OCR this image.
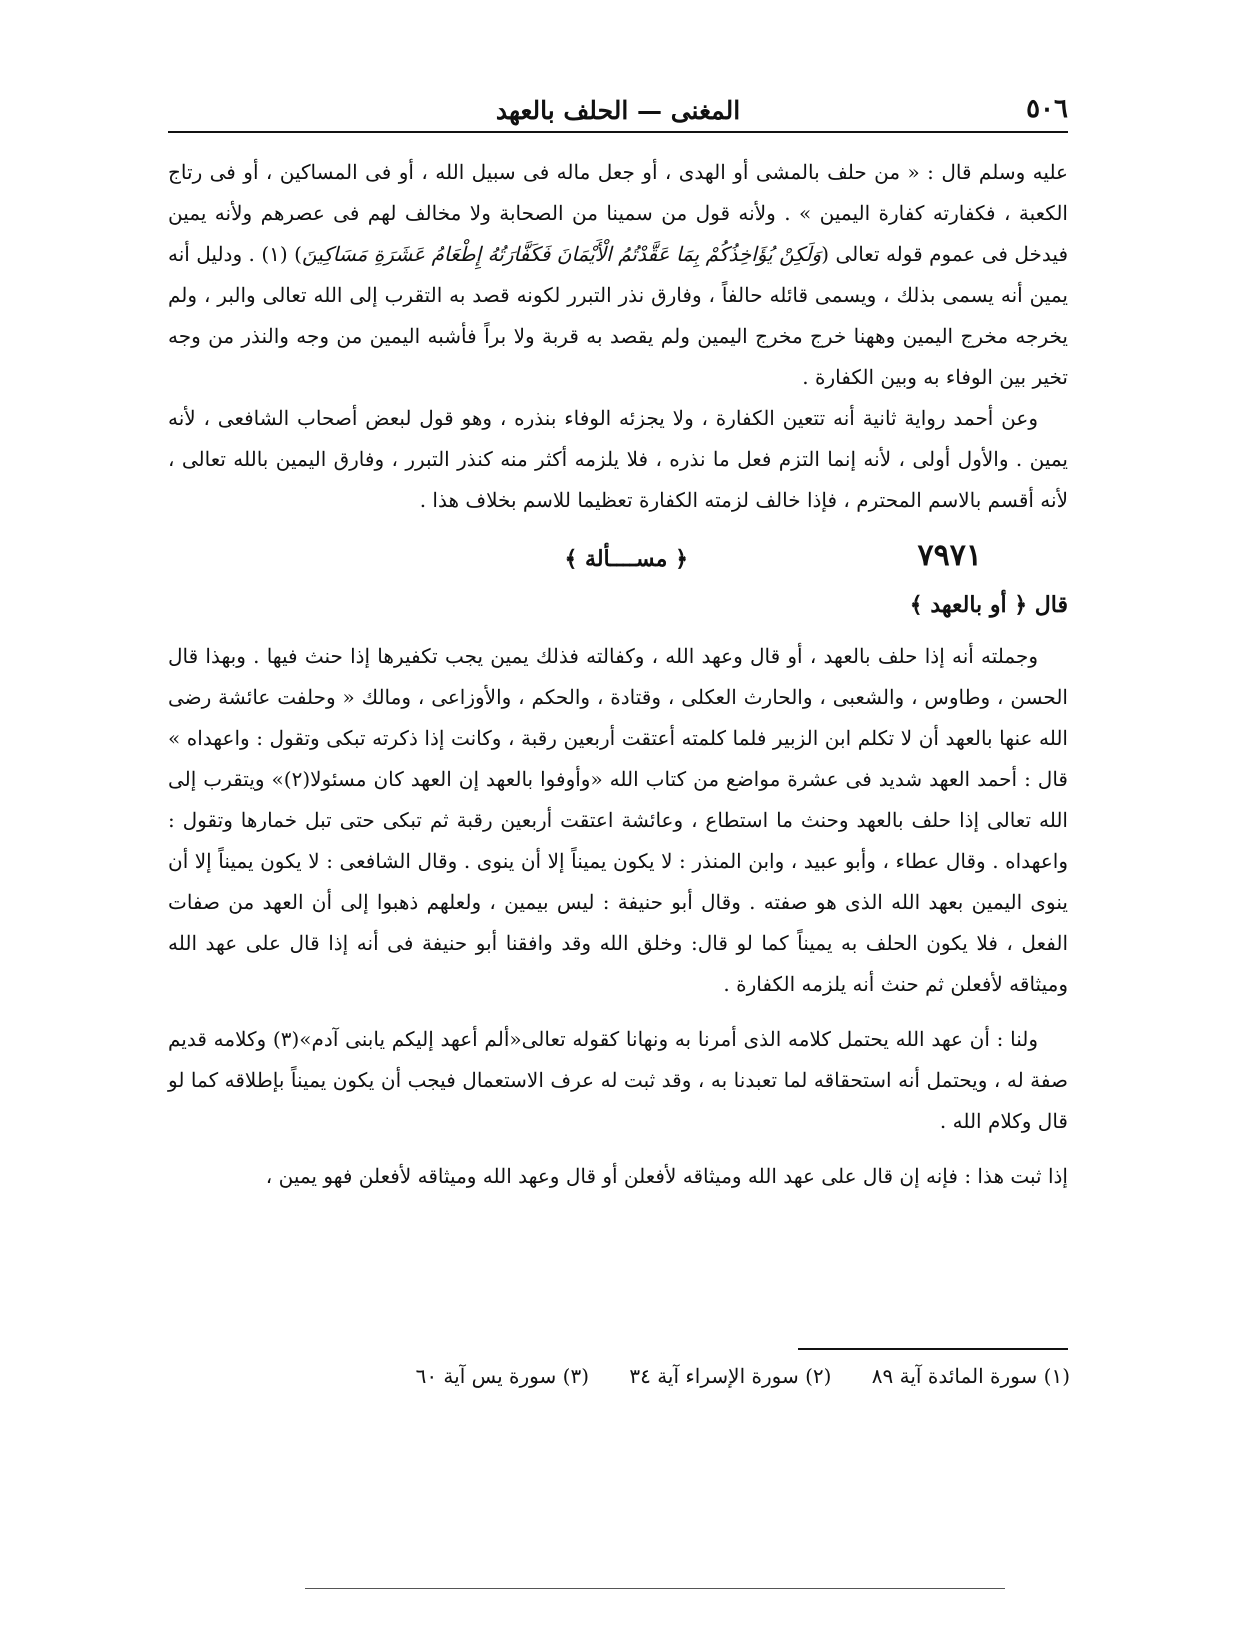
٥٠٦
المغنى — الحلف بالعهد

عليه وسلم قال : « من حلف بالمشى أو الهدى ، أو جعل ماله فى سبيل الله ، أو فى المساكين ، أو فى رتاج الكعبة ، فكفارته كفارة اليمين » . ولأنه قول من سمينا من الصحابة ولا مخالف لهم فى عصرهم ولأنه يمين فيدخل فى عموم قوله تعالى (وَلَكِنْ يُؤَاخِذُكُمْ بِمَا عَقَّدْتُمُ الْأَيْمَانَ فَكَفَّارَتُهُ إِطْعَامُ عَشَرَةِ مَسَاكِينَ) (١) . ودليل أنه يمين أنه يسمى بذلك ، ويسمى قائله حالفاً ، وفارق نذر التبرر لكونه قصد به التقرب إلى الله تعالى والبر ، ولم يخرجه مخرج اليمين وههنا خرج مخرج اليمين ولم يقصد به قربة ولا براً فأشبه اليمين من وجه والنذر من وجه تخير بين الوفاء به وبين الكفارة .

وعن أحمد رواية ثانية أنه تتعين الكفارة ، ولا يجزئه الوفاء بنذره ، وهو قول لبعض أصحاب الشافعى ، لأنه يمين . والأول أولى ، لأنه إنما التزم فعل ما نذره ، فلا يلزمه أكثر منه كنذر التبرر ، وفارق اليمين بالله تعالى ، لأنه أقسم بالاسم المحترم ، فإذا خالف لزمته الكفارة تعظيما للاسم بخلاف هذا .

٧٩٧١
﴿ مســــألة ﴾
قال ﴿ أو بالعهد ﴾

وجملته أنه إذا حلف بالعهد ، أو قال وعهد الله ، وكفالته فذلك يمين يجب تكفيرها إذا حنث فيها . وبهذا قال الحسن ، وطاوس ، والشعبى ، والحارث العكلى ، وقتادة ، والحكم ، والأوزاعى ، ومالك « وحلفت عائشة رضى الله عنها بالعهد أن لا تكلم ابن الزبير فلما كلمته أعتقت أربعين رقبة ، وكانت إذا ذكرته تبكى وتقول : واعهداه » قال : أحمد العهد شديد فى عشرة مواضع من كتاب الله «وأوفوا بالعهد إن العهد كان مسئولا(٢)» ويتقرب إلى الله تعالى إذا حلف بالعهد وحنث ما استطاع ، وعائشة اعتقت أربعين رقبة ثم تبكى حتى تبل خمارها وتقول : واعهداه . وقال عطاء ، وأبو عبيد ، وابن المنذر : لا يكون يميناً إلا أن ينوى . وقال الشافعى : لا يكون يميناً إلا أن ينوى اليمين بعهد الله الذى هو صفته . وقال أبو حنيفة : ليس بيمين ، ولعلهم ذهبوا إلى أن العهد من صفات الفعل ، فلا يكون الحلف به يميناً كما لو قال: وخلق الله وقد وافقنا أبو حنيفة فى أنه إذا قال على عهد الله وميثاقه لأفعلن ثم حنث أنه يلزمه الكفارة .

ولنا : أن عهد الله يحتمل كلامه الذى أمرنا به ونهانا كقوله تعالى«ألم أعهد إليكم يابنى آدم»(٣) وكلامه قديم صفة له ، ويحتمل أنه استحقاقه لما تعبدنا به ، وقد ثبت له عرف الاستعمال فيجب أن يكون يميناً بإطلاقه كما لو قال وكلام الله .

إذا ثبت هذا : فإنه إن قال على عهد الله وميثاقه لأفعلن أو قال وعهد الله وميثاقه لأفعلن فهو يمين ،

(١) سورة المائدة آية ٨٩ (٢) سورة الإسراء آية ٣٤ (٣) سورة يس آية ٦٠
